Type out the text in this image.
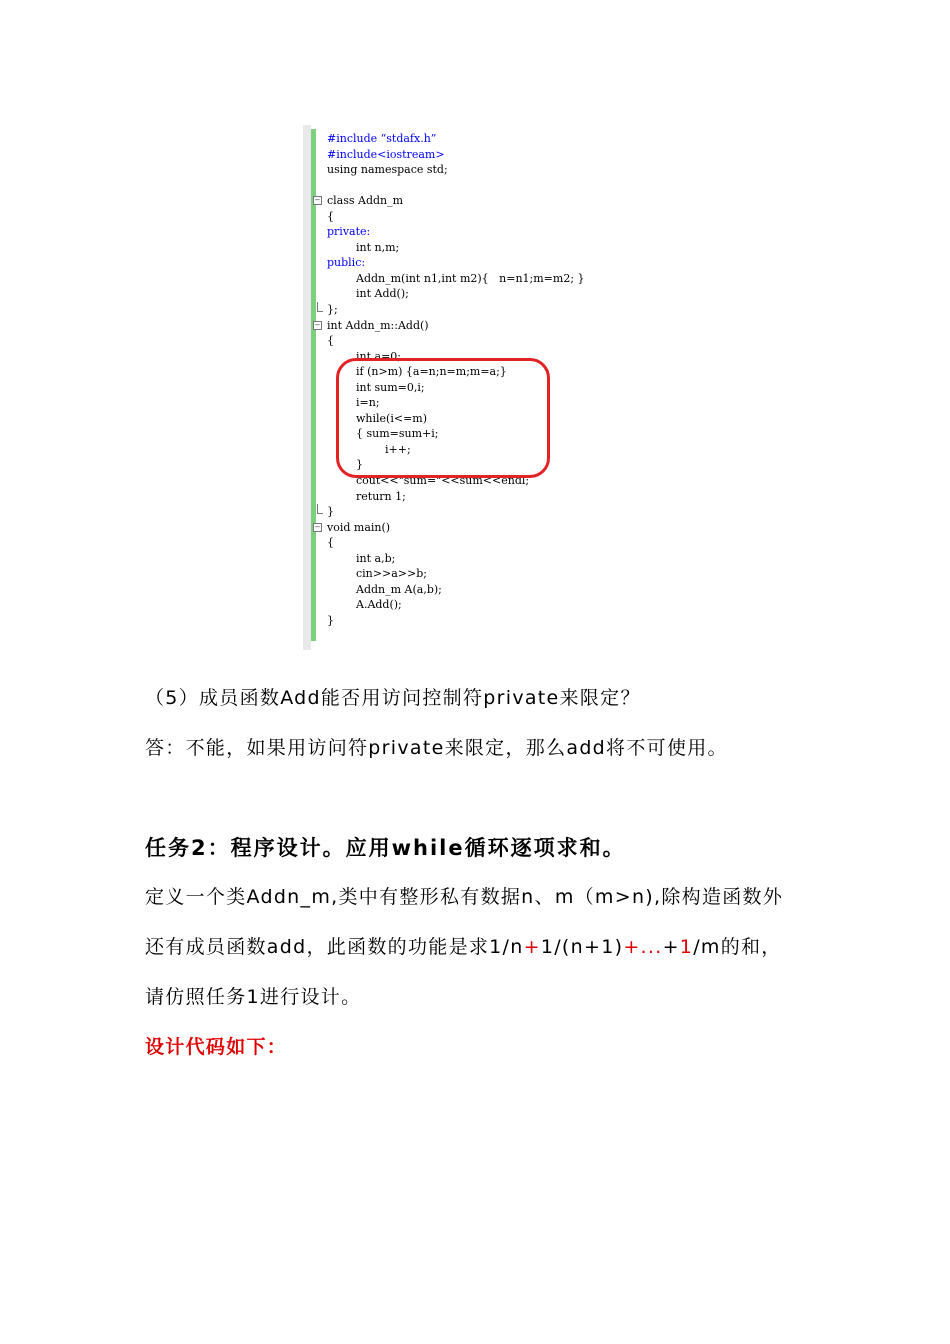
#include “stdafx.h”
#include<iostream>
using namespace std;
− class Addn_m
{
private:
int n,m;
public:
Addn_m(int n1,int m2){   n=n1;m=m2; }
int Add();
};
− int Addn_m::Add()
{
int a=0;
if (n>m) {a=n;n=m;m=a;}
int sum=0,i;
i=n;
while(i<=m)
{ sum=sum+i;
i++;
}
cout<<"sum="<<sum<<endl;
return 1;
}
− void main()
{
int a,b;
cin>>a>>b;
Addn_m A(a,b);
A.Add();
}
（5）成员函数Add能否用访问控制符private来限定？
答：不能，如果用访问符private来限定，那么add将不可使用。
任务2：程序设计。应用while循环逐项求和。
定义一个类Addn_m,类中有整形私有数据n、m（m>n),除构造函数外
还有成员函数add，此函数的功能是求1/n+1/(n+1)+...+1/m的和，
请仿照任务1进行设计。
设计代码如下：
